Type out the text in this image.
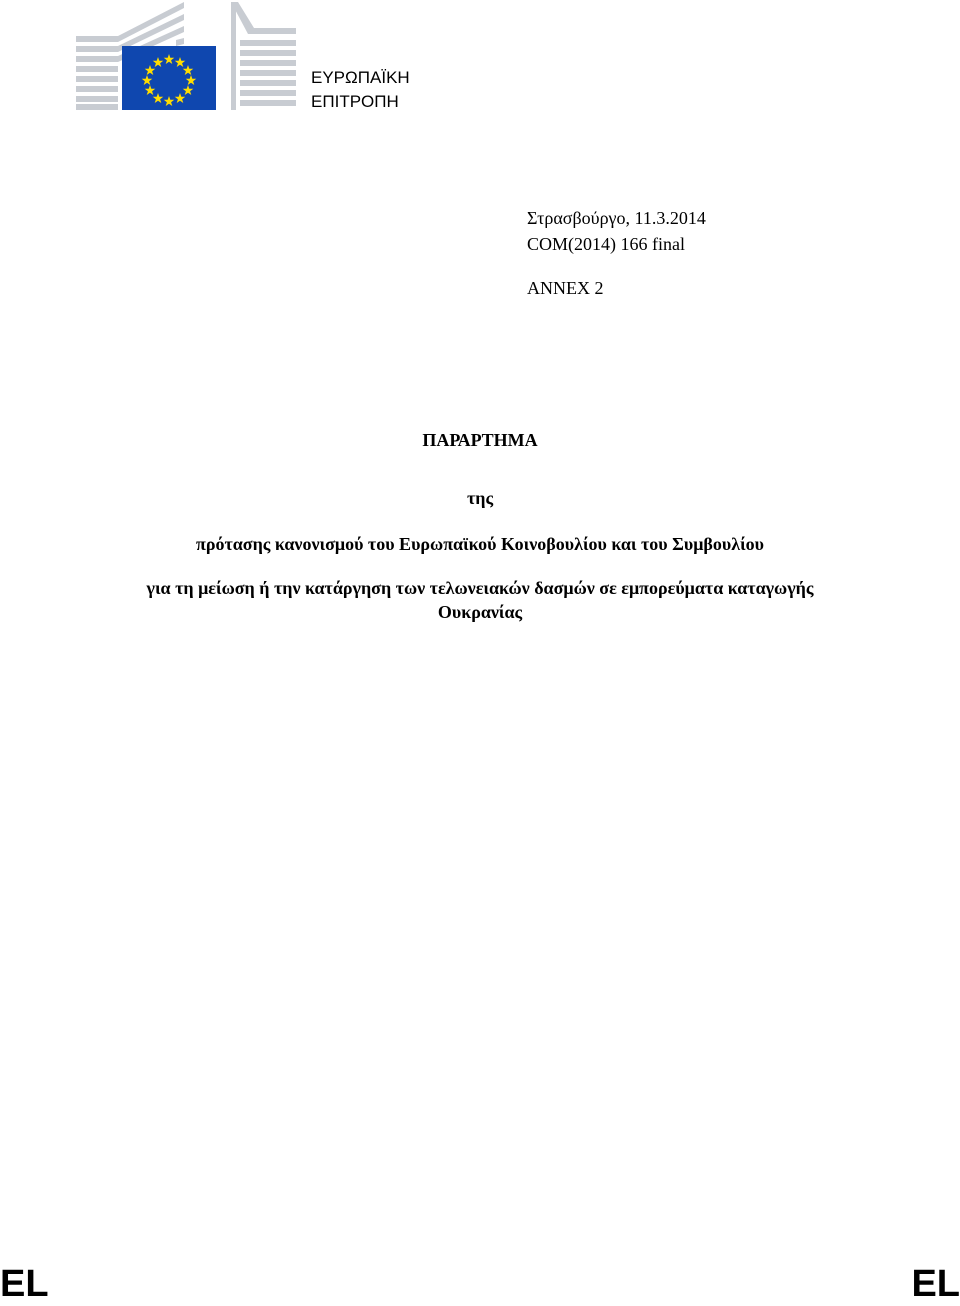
ΕΥΡΩΠΑΪΚΗ
ΕΠΙΤΡΟΠΗ
Στρασβούργο, 11.3.2014
COM(2014) 166 final
ANNEX 2
ΠΑΡΑΡΤΗΜΑ
της
πρότασης κανονισμού του Ευρωπαϊκού Κοινοβουλίου και του Συμβουλίου
για τη μείωση ή την κατάργηση των τελωνειακών δασμών σε εμπορεύματα καταγωγής
Ουκρανίας
EL	EL
